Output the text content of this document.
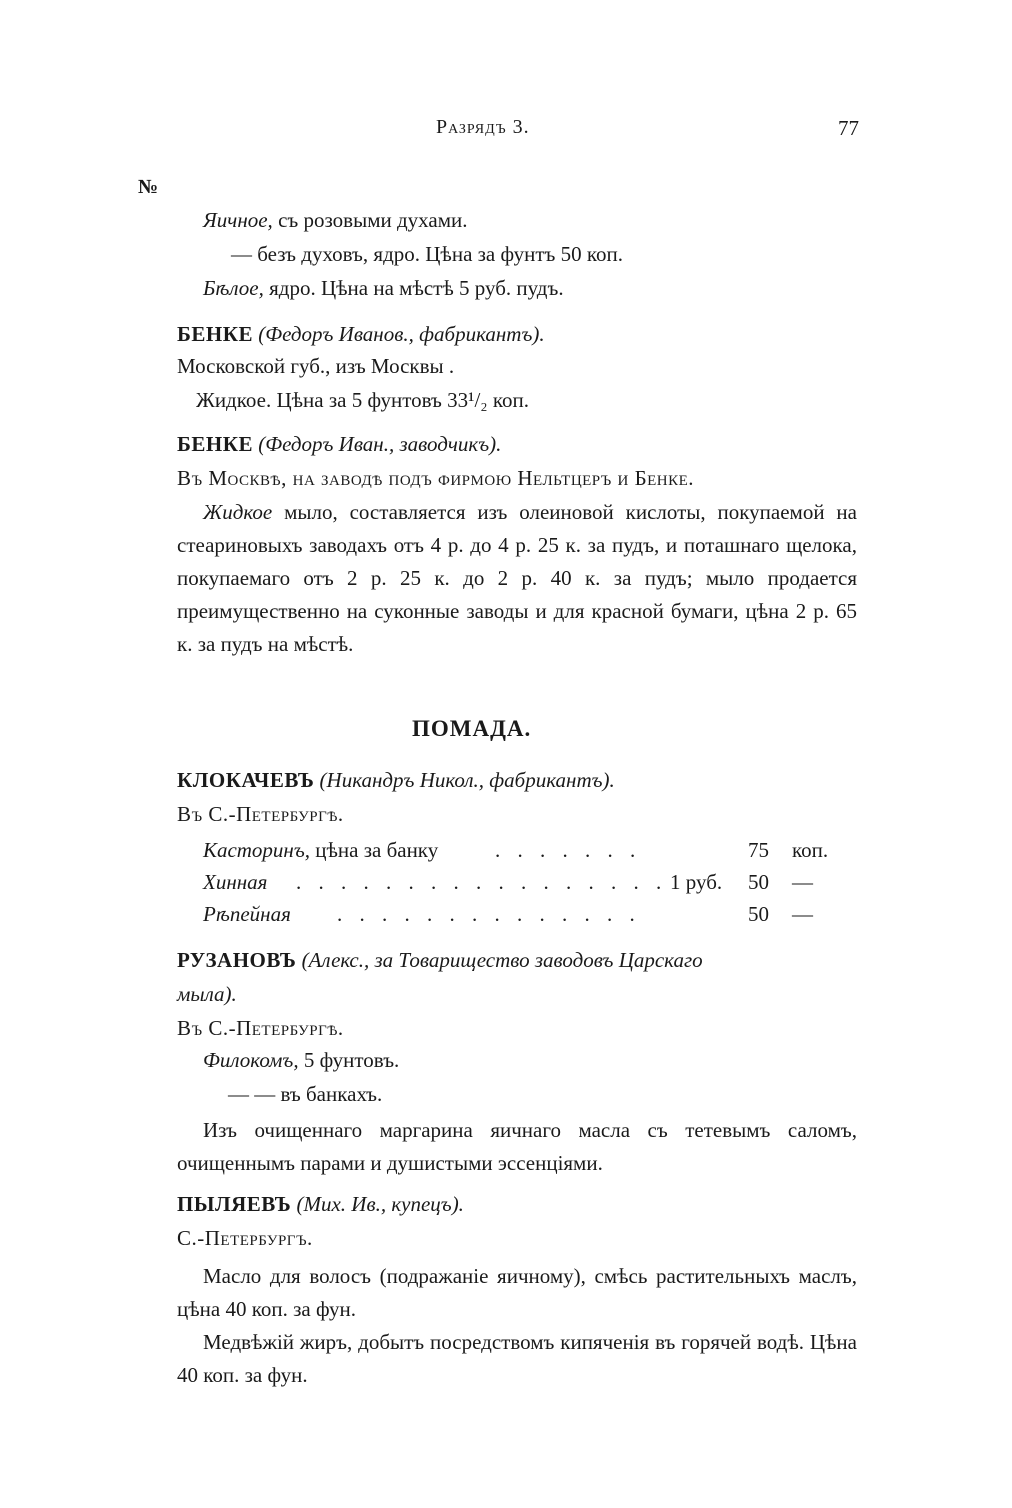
Разрядъ 3.	77
№
Яичное, съ розовыми духами.
— безъ духовъ, ядро. Цѣна за фунтъ 50 коп.
Бѣлое, ядро. Цѣна на мѣстѣ 5 руб. пудъ.
БЕНКЕ (Федоръ Иванов., фабрикантъ).
Московской губ., изъ Москвы .
Жидкое. Цѣна за 5 фунтовъ 33¹/₂ коп.
БЕНКЕ (Федоръ Иван., заводчикъ).
Въ Москвѣ, на заводѣ подъ фирмою Нельтцеръ и Бенке.
Жидкое мыло, составляется изъ олеиновой кислоты, покупаемой на стеариновыхъ заводахъ отъ 4 р. до 4 р. 25 к. за пудъ, и поташнаго щелока, покупаемаго отъ 2 р. 25 к. до 2 р. 40 к. за пудъ; мыло продается преимущественно на суконные заводы и для красной бумаги, цѣна 2 р. 65 к. за пудъ на мѣстѣ.
ПОМАДА.
КЛОКАЧЕВЪ (Никандръ Никол., фабрикантъ).
Въ С.-Петербургѣ.
Касторинъ, цѣна за банку	. . . . . . .	75 коп.
Хинная . . . . . . . . . . . . . . . . . 1 руб. 50 —
Рѣпейная . . . . . . . . . . . . . .	50 —
РУЗАНОВЪ (Алекс., за Товарищество заводовъ Царскаго
мыла).
Въ С.-Петербургѣ.
Филокомъ, 5 фунтовъ.
— — въ банкахъ.
Изъ очищеннаго маргарина яичнаго масла съ тетевымъ саломъ, очищеннымъ парами и душистыми эссенціями.
ПЫЛЯЕВЪ (Мих. Ив., купецъ).
С.-Петербургъ.
Масло для волосъ (подражаніе яичному), смѣсь растительныхъ маслъ, цѣна 40 коп. за фун.
Медвѣжій жиръ, добытъ посредствомъ кипяченія въ горячей водѣ. Цѣна 40 коп. за фун.
